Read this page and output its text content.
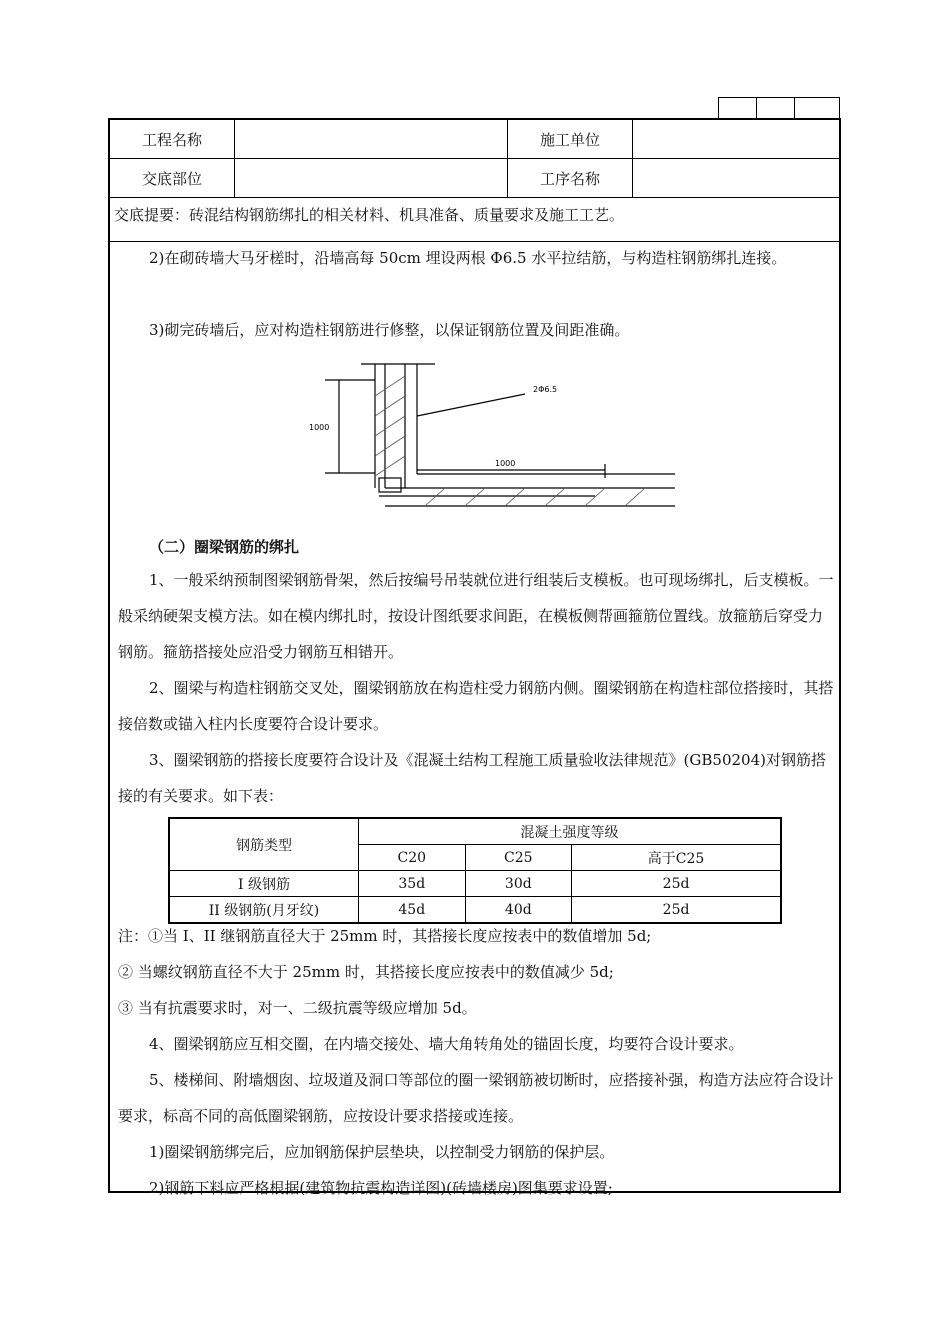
工程名称		施工单位	
交底部位		工序名称	
交底提要：砖混结构钢筋绑扎的相关材料、机具准备、质量要求及施工工艺。
2)在砌砖墙大马牙槎时，沿墙高每 50cm 埋设两根 Φ6.5 水平拉结筋，与构造柱钢筋绑扎连接。
3)砌完砖墙后，应对构造柱钢筋进行修整，以保证钢筋位置及间距准确。
2Φ6.5
1000
1000
（二）圈梁钢筋的绑扎
1、一般采纳预制图梁钢筋骨架，然后按编号吊装就位进行组装后支模板。也可现场绑扎，后支模板。一般采纳硬架支模方法。如在模内绑扎时，按设计图纸要求间距，在模板侧帮画箍筋位置线。放箍筋后穿受力钢筋。箍筋搭接处应沿受力钢筋互相错开。
2、圈梁与构造柱钢筋交叉处，圈梁钢筋放在构造柱受力钢筋内侧。圈梁钢筋在构造柱部位搭接时，其搭接倍数或锚入柱内长度要符合设计要求。
3、圈梁钢筋的搭接长度要符合设计及《混凝土结构工程施工质量验收法律规范》(GB50204)对钢筋搭接的有关要求。如下表：
钢筋类型	混凝土强度等级		
	C20	C25	高于C25
I 级钢筋	35d	30d	25d
II 级钢筋(月牙纹)	45d	40d	25d
注：①当 I、II 继钢筋直径大于 25mm 时，其搭接长度应按表中的数值增加 5d;
② 当螺纹钢筋直径不大于 25mm 时，其搭接长度应按表中的数值减少 5d;
③ 当有抗震要求时，对一、二级抗震等级应增加 5d。
4、圈梁钢筋应互相交圈，在内墙交接处、墙大角转角处的锚固长度，均要符合设计要求。
5、楼梯间、附墙烟囱、垃圾道及洞口等部位的圈一梁钢筋被切断时，应搭接补强，构造方法应符合设计要求，标高不同的高低圈梁钢筋，应按设计要求搭接或连接。
1)圈梁钢筋绑完后，应加钢筋保护层垫块，以控制受力钢筋的保护层。
2)钢筋下料应严格根据(建筑物抗震构造详图)(砖墙楼房)图集要求设置;
